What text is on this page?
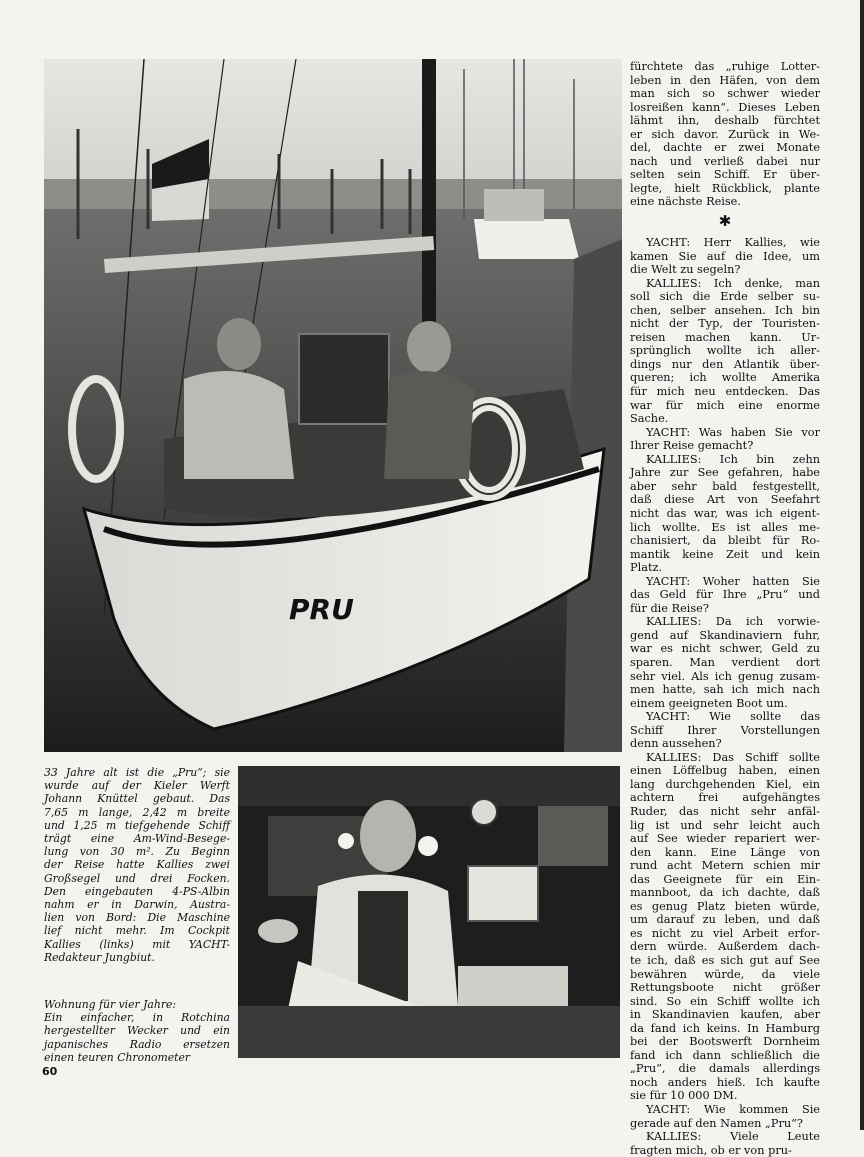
PRU
33 Jahre alt ist die „Pru“; sie
wurde auf der Kieler Werft
Johann Knüttel gebaut. Das
7,65 m lange, 2,42 m breite
und 1,25 m tiefgehende Schiff
trägt eine Am-Wind-Besege-
lung von 30 m². Zu Beginn
der Reise hatte Kallies zwei
Großsegel und drei Focken.
Den eingebauten 4-PS-Albin
nahm er in Darwin, Austra-
lien von Bord: Die Maschine
lief nicht mehr. Im Cockpit
Kallies (links) mit YACHT-
Redakteur Jungbiut.
Wohnung für vier Jahre:
Ein einfacher, in Rotchina
hergestellter Wecker und ein
japanisches Radio ersetzen
einen teuren Chronometer
60
fürchtete das „ruhige Lotter-
leben in den Häfen, von dem
man sich so schwer wieder
losreißen kann“. Dieses Leben
lähmt ihn, deshalb fürchtet
er sich davor. Zurück in We-
del, dachte er zwei Monate
nach und verließ dabei nur
selten sein Schiff. Er über-
legte, hielt Rückblick, plante
eine nächste Reise.
✱
YACHT: Herr Kallies, wie
kamen Sie auf die Idee, um
die Welt zu segeln?
KALLIES: Ich denke, man
soll sich die Erde selber su-
chen, selber ansehen. Ich bin
nicht der Typ, der Touristen-
reisen machen kann. Ur-
sprünglich wollte ich aller-
dings nur den Atlantik über-
queren; ich wollte Amerika
für mich neu entdecken. Das
war für mich eine enorme
Sache.
YACHT: Was haben Sie vor
Ihrer Reise gemacht?
KALLIES: Ich bin zehn
Jahre zur See gefahren, habe
aber sehr bald festgestellt,
daß diese Art von Seefahrt
nicht das war, was ich eigent-
lich wollte. Es ist alles me-
chanisiert, da bleibt für Ro-
mantik keine Zeit und kein
Platz.
YACHT: Woher hatten Sie
das Geld für Ihre „Pru“ und
für die Reise?
KALLIES: Da ich vorwie-
gend auf Skandinaviern fuhr,
war es nicht schwer, Geld zu
sparen. Man verdient dort
sehr viel. Als ich genug zusam-
men hatte, sah ich mich nach
einem geeigneten Boot um.
YACHT: Wie sollte das
Schiff Ihrer Vorstellungen
denn aussehen?
KALLIES: Das Schiff sollte
einen Löffelbug haben, einen
lang durchgehenden Kiel, ein
achtern frei aufgehängtes
Ruder, das nicht sehr anfäl-
lig ist und sehr leicht auch
auf See wieder repariert wer-
den kann. Eine Länge von
rund acht Metern schien mir
das Geeignete für ein Ein-
mannboot, da ich dachte, daß
es genug Platz bieten würde,
um darauf zu leben, und daß
es nicht zu viel Arbeit erfor-
dern würde. Außerdem dach-
te ich, daß es sich gut auf See
bewähren würde, da viele
Rettungsboote nicht größer
sind. So ein Schiff wollte ich
in Skandinavien kaufen, aber
da fand ich keins. In Hamburg
bei der Bootswerft Dornheim
fand ich dann schließlich die
„Pru“, die damals allerdings
noch anders hieß. Ich kaufte
sie für 10 000 DM.
YACHT: Wie kommen Sie
gerade auf den Namen „Pru“?
KALLIES: Viele Leute
fragten mich, ob er von pru-
